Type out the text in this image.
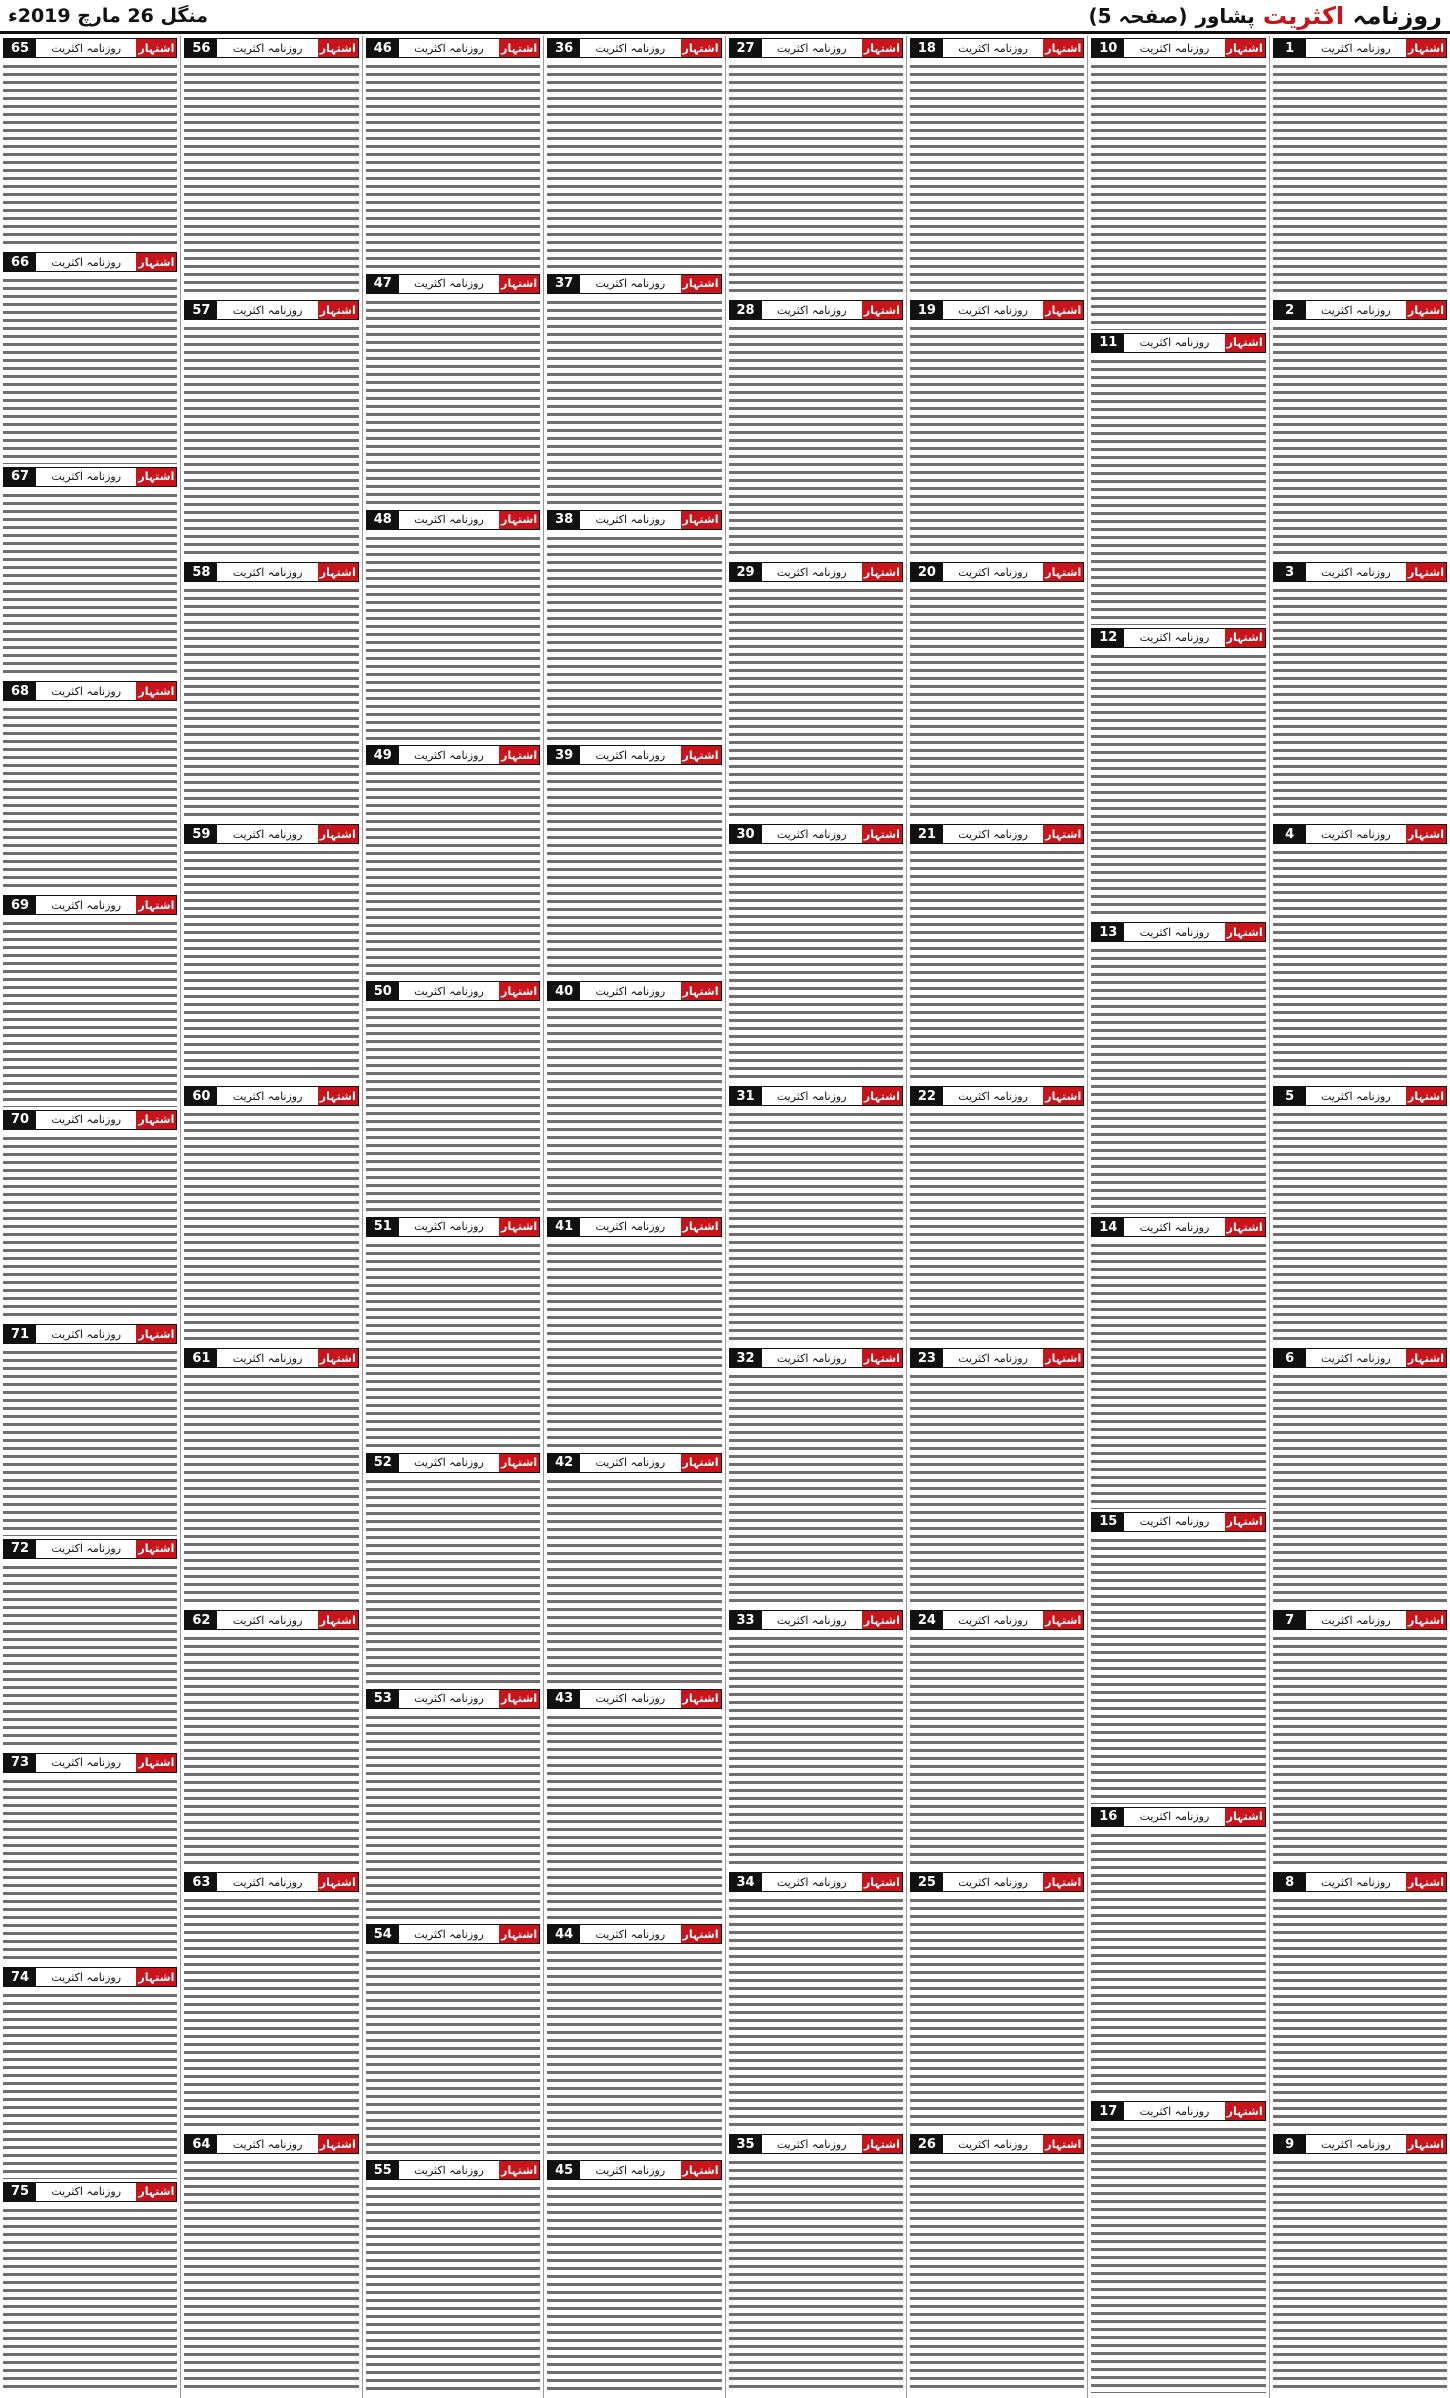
منگل 26 مارچ 2019ء	روزنامہ اکثریت
پشاور
(صفحہ 5)
1	روزنامہ اکثریت	اشتہار
2	روزنامہ اکثریت	اشتہار
3	روزنامہ اکثریت	اشتہار
4	روزنامہ اکثریت	اشتہار
5	روزنامہ اکثریت	اشتہار
6	روزنامہ اکثریت	اشتہار
7	روزنامہ اکثریت	اشتہار
8	روزنامہ اکثریت	اشتہار
9	روزنامہ اکثریت	اشتہار
10	روزنامہ اکثریت	اشتہار
11	روزنامہ اکثریت	اشتہار
12	روزنامہ اکثریت	اشتہار
13	روزنامہ اکثریت	اشتہار
14	روزنامہ اکثریت	اشتہار
15	روزنامہ اکثریت	اشتہار
16	روزنامہ اکثریت	اشتہار
17	روزنامہ اکثریت	اشتہار
18	روزنامہ اکثریت	اشتہار
19	روزنامہ اکثریت	اشتہار
20	روزنامہ اکثریت	اشتہار
21	روزنامہ اکثریت	اشتہار
22	روزنامہ اکثریت	اشتہار
23	روزنامہ اکثریت	اشتہار
24	روزنامہ اکثریت	اشتہار
25	روزنامہ اکثریت	اشتہار
26	روزنامہ اکثریت	اشتہار
27	روزنامہ اکثریت	اشتہار
28	روزنامہ اکثریت	اشتہار
29	روزنامہ اکثریت	اشتہار
30	روزنامہ اکثریت	اشتہار
31	روزنامہ اکثریت	اشتہار
32	روزنامہ اکثریت	اشتہار
33	روزنامہ اکثریت	اشتہار
34	روزنامہ اکثریت	اشتہار
35	روزنامہ اکثریت	اشتہار
36	روزنامہ اکثریت	اشتہار
37	روزنامہ اکثریت	اشتہار
38	روزنامہ اکثریت	اشتہار
39	روزنامہ اکثریت	اشتہار
40	روزنامہ اکثریت	اشتہار
41	روزنامہ اکثریت	اشتہار
42	روزنامہ اکثریت	اشتہار
43	روزنامہ اکثریت	اشتہار
44	روزنامہ اکثریت	اشتہار
45	روزنامہ اکثریت	اشتہار
46	روزنامہ اکثریت	اشتہار
47	روزنامہ اکثریت	اشتہار
48	روزنامہ اکثریت	اشتہار
49	روزنامہ اکثریت	اشتہار
50	روزنامہ اکثریت	اشتہار
51	روزنامہ اکثریت	اشتہار
52	روزنامہ اکثریت	اشتہار
53	روزنامہ اکثریت	اشتہار
54	روزنامہ اکثریت	اشتہار
55	روزنامہ اکثریت	اشتہار
56	روزنامہ اکثریت	اشتہار
57	روزنامہ اکثریت	اشتہار
58	روزنامہ اکثریت	اشتہار
59	روزنامہ اکثریت	اشتہار
60	روزنامہ اکثریت	اشتہار
61	روزنامہ اکثریت	اشتہار
62	روزنامہ اکثریت	اشتہار
63	روزنامہ اکثریت	اشتہار
64	روزنامہ اکثریت	اشتہار
65	روزنامہ اکثریت	اشتہار
66	روزنامہ اکثریت	اشتہار
67	روزنامہ اکثریت	اشتہار
68	روزنامہ اکثریت	اشتہار
69	روزنامہ اکثریت	اشتہار
70	روزنامہ اکثریت	اشتہار
71	روزنامہ اکثریت	اشتہار
72	روزنامہ اکثریت	اشتہار
73	روزنامہ اکثریت	اشتہار
74	روزنامہ اکثریت	اشتہار
75	روزنامہ اکثریت	اشتہار
